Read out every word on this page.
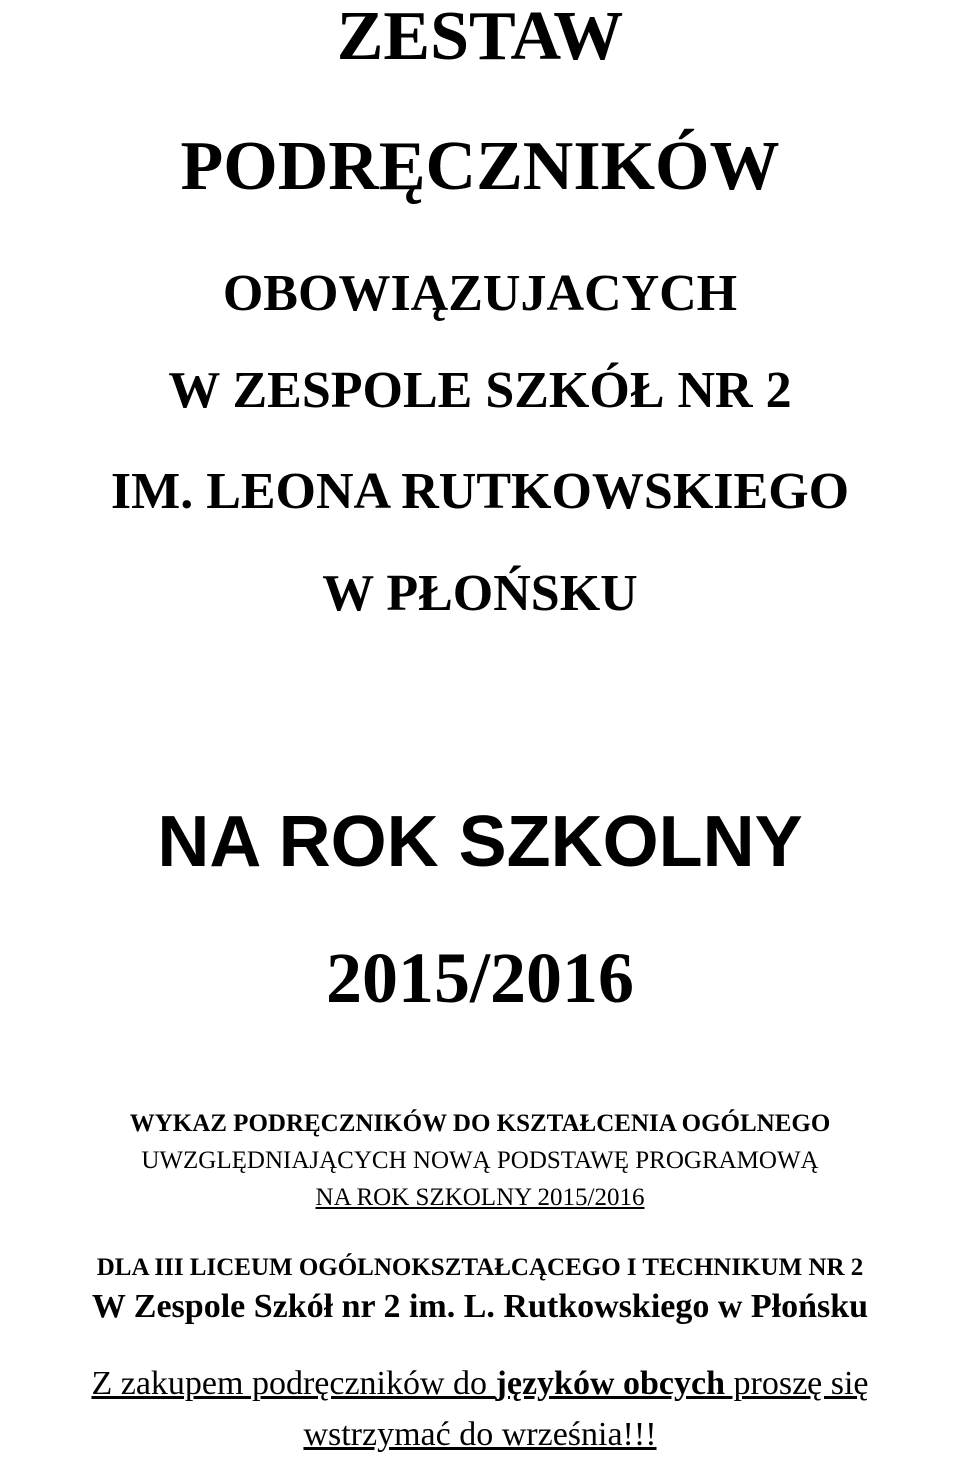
ZESTAW
PODRĘCZNIKÓW
OBOWIĄZUJACYCH
W ZESPOLE SZKÓŁ NR 2
IM. LEONA RUTKOWSKIEGO
W PŁOŃSKU
NA ROK SZKOLNY
2015/2016

WYKAZ PODRĘCZNIKÓW DO KSZTAŁCENIA OGÓLNEGO

UWZGLĘDNIAJĄCYCH NOWĄ PODSTAWĘ PROGRAMOWĄ

NA ROK SZKOLNY 2015/2016

DLA III LICEUM OGÓLNOKSZTAŁCĄCEGO I TECHNIKUM NR 2

W Zespole Szkół nr 2 im. L. Rutkowskiego w Płońsku

Z zakupem podręczników do języków obcych proszę się

wstrzymać do września!!!
